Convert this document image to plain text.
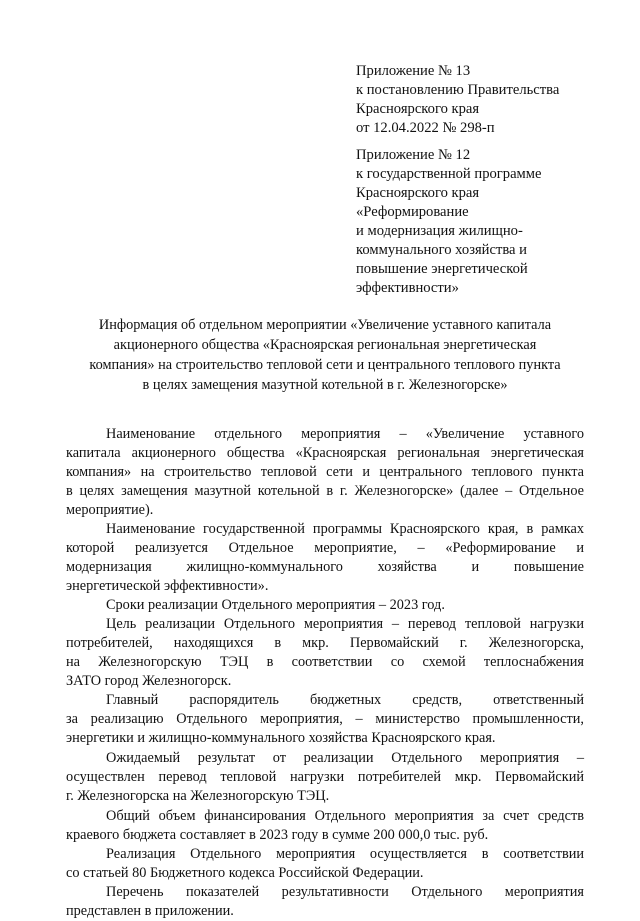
Приложение № 13
к постановлению Правительства
Красноярского края
от 12.04.2022 № 298-п
Приложение № 12
к государственной программе
Красноярского края
«Реформирование
и модернизация жилищно-
коммунального хозяйства и
повышение энергетической
эффективности»
Информация об отдельном мероприятии «Увеличение уставного капитала
акционерного общества «Красноярская региональная энергетическая
компания» на строительство тепловой сети и центрального теплового пункта
в целях замещения мазутной котельной в г. Железногорске»
Наименование отдельного мероприятия – «Увеличение уставного
капитала акционерного общества «Красноярская региональная энергетическая
компания» на строительство тепловой сети и центрального теплового пункта
в целях замещения мазутной котельной в г. Железногорске» (далее – Отдельное
мероприятие).
Наименование государственной программы Красноярского края, в рамках
которой реализуется Отдельное мероприятие, – «Реформирование и
модернизация жилищно-коммунального хозяйства и повышение
энергетической эффективности».
Сроки реализации Отдельного мероприятия – 2023 год.
Цель реализации Отдельного мероприятия – перевод тепловой нагрузки
потребителей, находящихся в мкр. Первомайский г. Железногорска,
на Железногорскую ТЭЦ в соответствии со схемой теплоснабжения
ЗАТО город Железногорск.
Главный распорядитель бюджетных средств, ответственный
за реализацию Отдельного мероприятия, – министерство промышленности,
энергетики и жилищно-коммунального хозяйства Красноярского края.
Ожидаемый результат от реализации Отдельного мероприятия –
осуществлен перевод тепловой нагрузки потребителей мкр. Первомайский
г. Железногорска на Железногорскую ТЭЦ.
Общий объем финансирования Отдельного мероприятия за счет средств
краевого бюджета составляет в 2023 году в сумме 200 000,0 тыс. руб.
Реализация Отдельного мероприятия осуществляется в соответствии
со статьей 80 Бюджетного кодекса Российской Федерации.
Перечень показателей результативности Отдельного мероприятия
представлен в приложении.
